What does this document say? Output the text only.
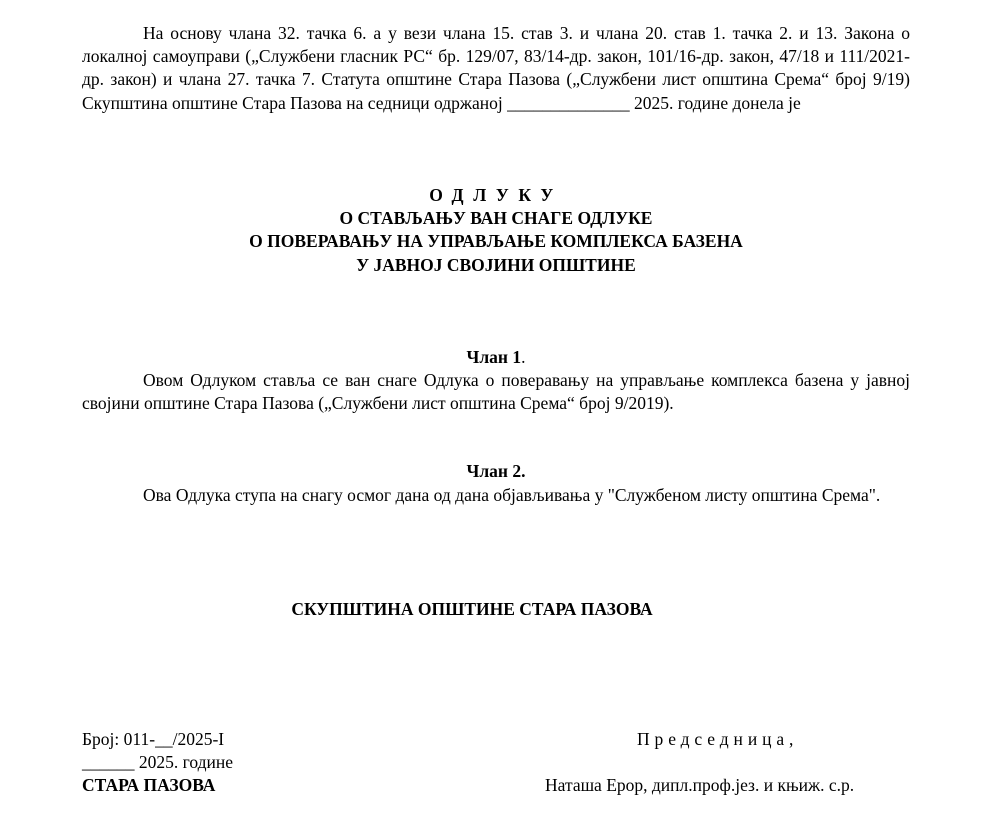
На основу члана 32. тачка 6. а у вези члана 15. став 3. и члана 20. став 1. тачка 2. и 13. Закона о локалној самоуправи („Службени гласник РС“ бр. 129/07, 83/14-др. закон, 101/16-др. закон, 47/18 и 111/2021-др. закон) и члана 27. тачка 7. Статута општине Стара Пазова („Службени лист општина Срема“ број 9/19) Скупштина општине Стара Пазова на седници одржаној ______________ 2025. године донела је
ОДЛУКУ
О СТАВЉАЊУ ВАН СНАГЕ ОДЛУКЕ
О ПОВЕРАВАЊУ НА УПРАВЉАЊЕ КОМПЛЕКСА БАЗЕНА
У ЈАВНОЈ СВОЈИНИ ОПШТИНЕ
Члан 1.
Овом Одлуком ставља се ван снаге Одлука о поверавању на управљање комплекса базена у јавној својини општине Стара Пазова („Службени лист општина Срема“ број 9/2019).
Члан 2.
Ова Одлука ступа на снагу осмог дана од дана објављивања у "Службеном листу општина Срема".
СКУПШТИНА ОПШТИНЕ СТАРА ПАЗОВА
Број: 011-__/2025-I
______ 2025. године
СТАРА ПАЗОВА
Председница,
Наташа Ерор, дипл.проф.јез. и књиж. с.р.
